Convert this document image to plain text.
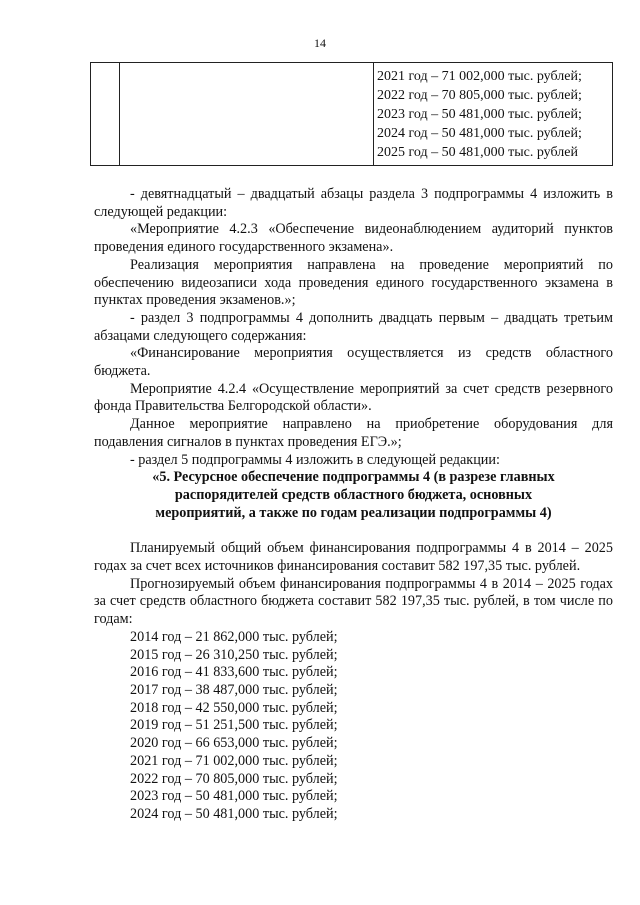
14
2021 год – 71 002,000 тыс. рублей;
2022 год – 70 805,000 тыс. рублей;
2023 год – 50 481,000 тыс. рублей;
2024 год – 50 481,000 тыс. рублей;
2025 год – 50 481,000 тыс. рублей

- девятнадцатый – двадцатый абзацы раздела 3 подпрограммы 4 изложить в следующей редакции:

«Мероприятие 4.2.3 «Обеспечение видеонаблюдением аудиторий пунктов проведения единого государственного экзамена».

Реализация мероприятия направлена на проведение мероприятий по обеспечению видеозаписи хода проведения единого государственного экзамена в пунктах проведения экзаменов.»;

- раздел 3 подпрограммы 4 дополнить двадцать первым – двадцать третьим абзацами следующего содержания:

«Финансирование мероприятия осуществляется из средств областного бюджета.

Мероприятие 4.2.4 «Осуществление мероприятий за счет средств резервного фонда Правительства Белгородской области».

Данное мероприятие направлено на приобретение оборудования для подавления сигналов в пунктах проведения ЕГЭ.»;

- раздел 5 подпрограммы 4 изложить в следующей редакции:

«5. Ресурсное обеспечение подпрограммы 4 (в разрезе главных

распорядителей средств областного бюджета, основных

мероприятий, а также по годам реализации подпрограммы 4)

Планируемый общий объем финансирования подпрограммы 4 в 2014 – 2025 годах за счет всех источников финансирования составит 582 197,35 тыс. рублей.

Прогнозируемый объем финансирования подпрограммы 4 в 2014 – 2025 годах за счет средств областного бюджета составит 582 197,35 тыс. рублей, в том числе по годам:

2014 год – 21 862,000 тыс. рублей;
2015 год – 26 310,250 тыс. рублей;
2016 год – 41 833,600 тыс. рублей;
2017 год – 38 487,000 тыс. рублей;
2018 год – 42 550,000 тыс. рублей;
2019 год – 51 251,500 тыс. рублей;
2020 год – 66 653,000 тыс. рублей;
2021 год – 71 002,000 тыс. рублей;
2022 год – 70 805,000 тыс. рублей;
2023 год – 50 481,000 тыс. рублей;
2024 год – 50 481,000 тыс. рублей;
